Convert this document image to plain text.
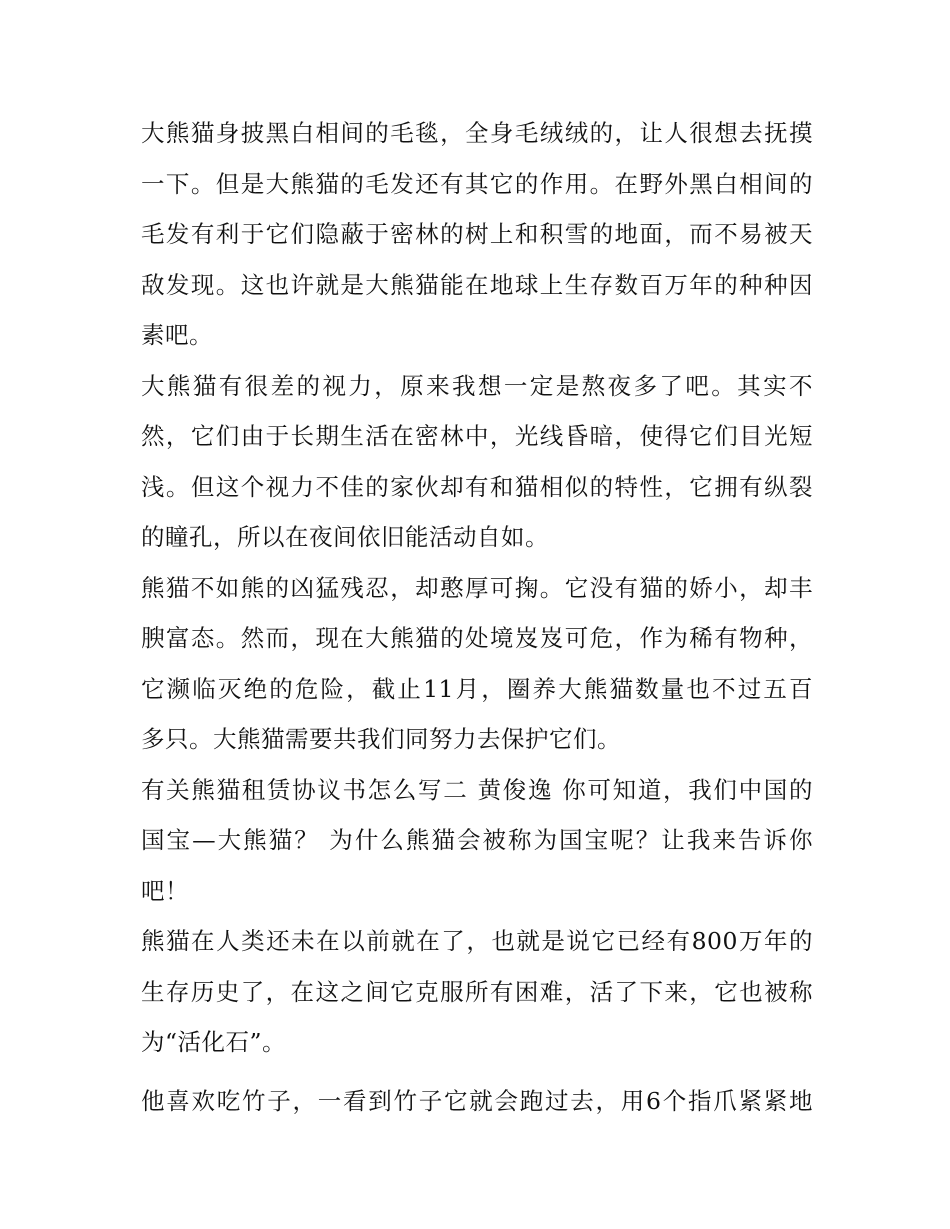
大熊猫身披黑白相间的毛毯，全身毛绒绒的，让人很想去抚摸
一下。但是大熊猫的毛发还有其它的作用。在野外黑白相间的
毛发有利于它们隐蔽于密林的树上和积雪的地面，而不易被天
敌发现。这也许就是大熊猫能在地球上生存数百万年的种种因
素吧。
大熊猫有很差的视力，原来我想一定是熬夜多了吧。其实不
然，它们由于长期生活在密林中，光线昏暗，使得它们目光短
浅。但这个视力不佳的家伙却有和猫相似的特性，它拥有纵裂
的瞳孔，所以在夜间依旧能活动自如。
熊猫不如熊的凶猛残忍，却憨厚可掬。它没有猫的娇小，却丰
腴富态。然而，现在大熊猫的处境岌岌可危，作为稀有物种，
它濒临灭绝的危险，截止11月，圈养大熊猫数量也不过五百
多只。大熊猫需要共我们同努力去保护它们。
有关熊猫租赁协议书怎么写二 黄俊逸 你可知道，我们中国的
国宝—大熊猫？ 为什么熊猫会被称为国宝呢？让我来告诉你
吧！
熊猫在人类还未在以前就在了，也就是说它已经有800万年的
生存历史了，在这之间它克服所有困难，活了下来，它也被称
为“活化石”。
他喜欢吃竹子，一看到竹子它就会跑过去，用6个指爪紧紧地
